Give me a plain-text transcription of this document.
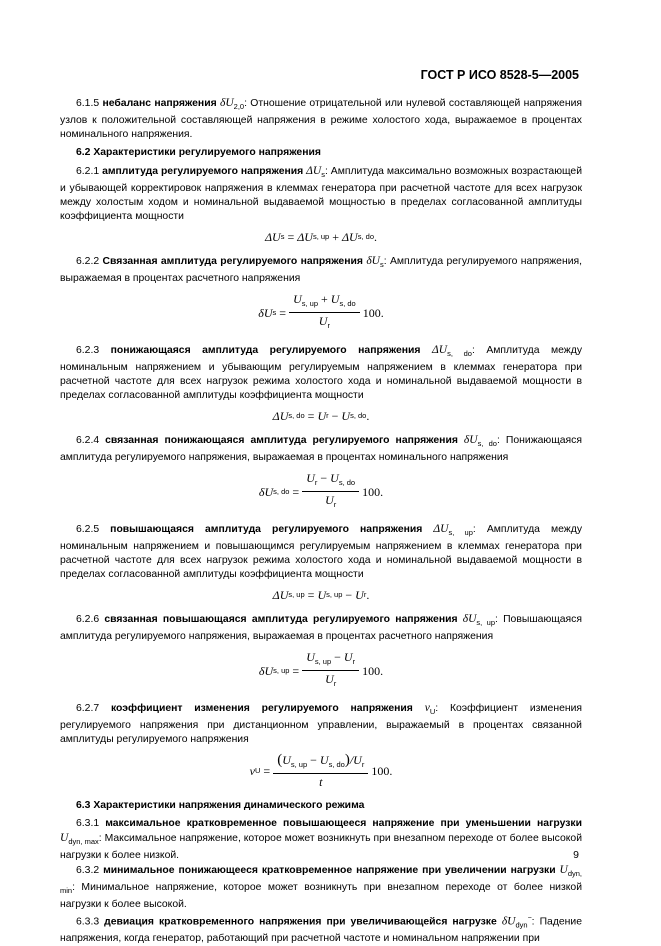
ГОСТ Р ИСО 8528-5—2005

6.1.5 небаланс напряжения $\delta U_{2,0}$: Отношение отрицательной или нулевой составляющей напряжения узлов к положительной составляющей напряжения в режиме холостого хода, выражаемое в процентах номинального напряжения.

6.2 Характеристики регулируемого напряжения

6.2.1 амплитуда регулируемого напряжения $\Delta U_s$: Амплитуда максимально возможных возрастающей и убывающей корректировок напряжения в клеммах генератора при расчетной частоте для всех нагрузок между холостым ходом и номинальной выдаваемой мощностью в пределах согласованной амплитуды коэффициента мощности

ΔU s
=
ΔU s, up
+
ΔU s, do .

6.2.2 Связанная амплитуда регулируемого напряжения $\delta U_s$: Амплитуда регулируемого напряжения, выражаемая в процентах расчетного напряжения

δU s
= $\frac{U_{s, up} + U_{s, do}}{U_r} 100$.

6.2.3 понижающаяся амплитуда регулируемого напряжения $\Delta U_{s, do}$: Амплитуда между номинальным напряжением и убывающим регулируемым напряжением в клеммах генератора при расчетной частоте для всех нагрузок режима холостого хода и номинальной выдаваемой мощности в пределах согласованной амплитуды коэффициента мощности

ΔU s, do
=
U r
−
U s, do .

6.2.4 связанная понижающаяся амплитуда регулируемого напряжения $\delta U_{s, do}$: Понижающаяся амплитуда регулируемого напряжения, выражаемая в процентах номинального напряжения

δU s, do
= $\frac{U_r - U_{s, do}}{U_r} 100$.

6.2.5 повышающаяся амплитуда регулируемого напряжения $\Delta U_{s, up}$: Амплитуда между номинальным напряжением и повышающимся регулируемым напряжением в клеммах генератора при расчетной частоте для всех нагрузок режима холостого хода и номинальной выдаваемой мощности в пределах согласованной амплитуды коэффициента мощности

ΔU s, up
=
U s, up
−
U r .

6.2.6 связанная повышающаяся амплитуда регулируемого напряжения $\delta U_{s, up}$: Повышающаяся амплитуда регулируемого напряжения, выражаемая в процентах расчетного напряжения

δU s, up
= $\frac{U_{s, up} - U_r}{U_r} 100$.

6.2.7 коэффициент изменения регулируемого напряжения $\nu_U$: Коэффициент изменения регулируемого напряжения при дистанционном управлении, выражаемый в процентах связанной амплитуды регулируемого напряжения

ν U
= $\frac{(U_{s, up} - U_{s, do})/U_r}{t} 100$.

6.3 Характеристики напряжения динамического режима

6.3.1 максимальное кратковременное повышающееся напряжение при уменьшении нагрузки $U_{dyn, max}$: Максимальное напряжение, которое может возникнуть при внезапном переходе от более высокой нагрузки к более низкой.

6.3.2 минимальное понижающееся кратковременное напряжение при увеличении нагрузки $U_{dyn, min}$: Минимальное напряжение, которое может возникнуть при внезапном переходе от более низкой нагрузки к более высокой.

6.3.3 девиация кратковременного напряжения при увеличивающейся нагрузке $\delta U_{dyn}^-$: Падение напряжения, когда генератор, работающий при расчетной частоте и номинальном напряжении при

9
